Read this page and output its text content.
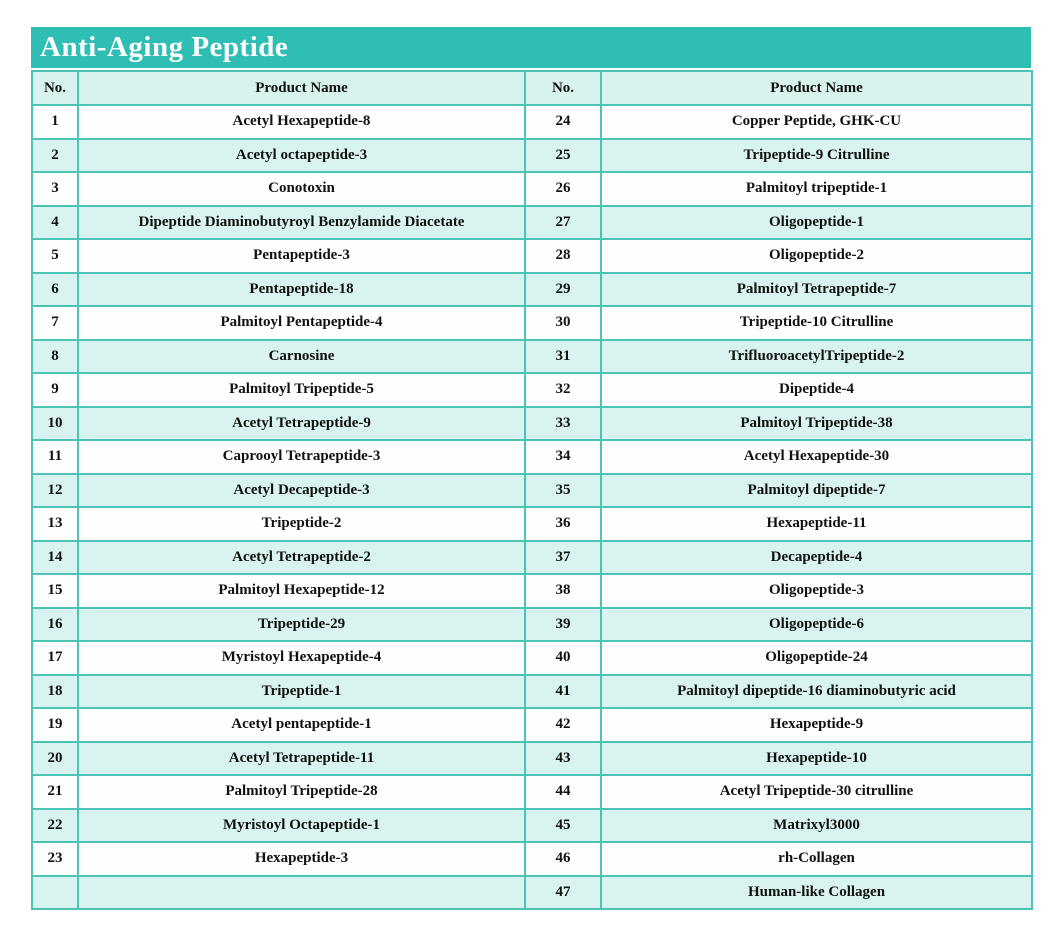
Anti-Aging Peptide
No.	Product Name	No.	Product Name
1	Acetyl Hexapeptide-8	24	Copper Peptide, GHK-CU
2	Acetyl octapeptide-3	25	Tripeptide-9 Citrulline
3	Conotoxin	26	Palmitoyl tripeptide-1
4	Dipeptide Diaminobutyroyl Benzylamide Diacetate	27	Oligopeptide-1
5	Pentapeptide-3	28	Oligopeptide-2
6	Pentapeptide-18	29	Palmitoyl Tetrapeptide-7
7	Palmitoyl Pentapeptide-4	30	Tripeptide-10 Citrulline
8	Carnosine	31	TrifluoroacetylTripeptide-2
9	Palmitoyl Tripeptide-5	32	Dipeptide-4
10	Acetyl Tetrapeptide-9	33	Palmitoyl Tripeptide-38
11	Caprooyl Tetrapeptide-3	34	Acetyl Hexapeptide-30
12	Acetyl Decapeptide-3	35	Palmitoyl dipeptide-7
13	Tripeptide-2	36	Hexapeptide-11
14	Acetyl Tetrapeptide-2	37	Decapeptide-4
15	Palmitoyl Hexapeptide-12	38	Oligopeptide-3
16	Tripeptide-29	39	Oligopeptide-6
17	Myristoyl Hexapeptide-4	40	Oligopeptide-24
18	Tripeptide-1	41	Palmitoyl dipeptide-16 diaminobutyric acid
19	Acetyl pentapeptide-1	42	Hexapeptide-9
20	Acetyl Tetrapeptide-11	43	Hexapeptide-10
21	Palmitoyl Tripeptide-28	44	Acetyl Tripeptide-30 citrulline
22	Myristoyl Octapeptide-1	45	Matrixyl3000
23	Hexapeptide-3	46	rh-Collagen
		47	Human-like Collagen
